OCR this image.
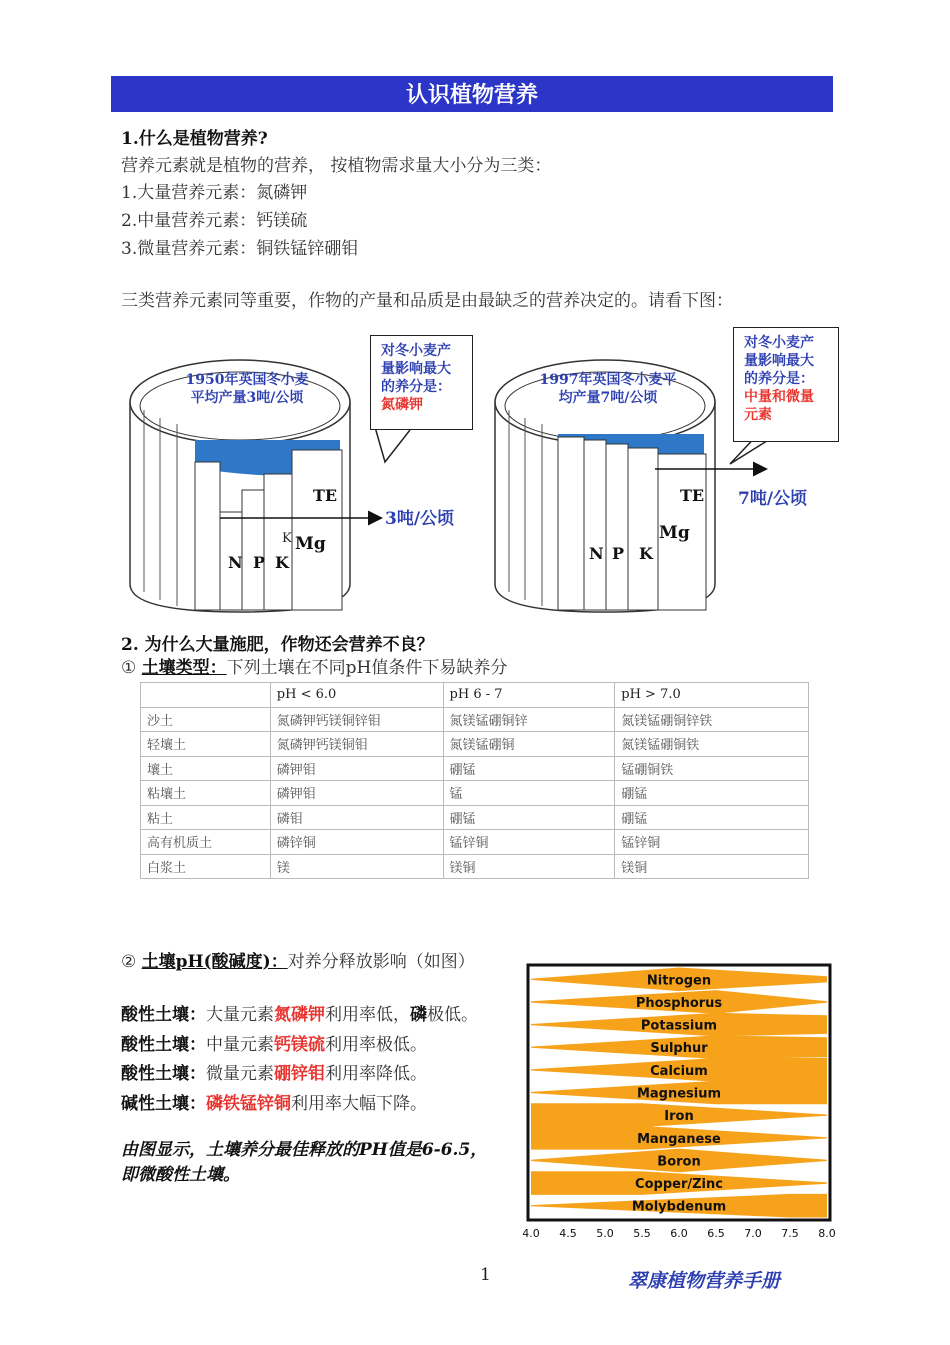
认识植物营养
1.什么是植物营养?
营养元素就是植物的营养， 按植物需求量大小分为三类：
1.大量营养元素：氮磷钾
2.中量营养元素：钙镁硫
3.微量营养元素：铜铁锰锌硼钼
三类营养元素同等重要，作物的产量和品质是由最缺乏的营养决定的。请看下图：
1950年英国冬小麦
平均产量3吨/公顷
1997年英国冬小麦平
均产量7吨/公顷
N P K
K Mg
TE
3吨/公顷
N P K
Mg
TE 7吨/公顷
对冬小麦产
量影响最大
的养分是：
氮磷钾
对冬小麦产
量影响最大
的养分是：
中量和微量
元素
2. 为什么大量施肥，作物还会营养不良？
① 土壤类型：下列土壤在不同pH值条件下易缺养分
	pH < 6.0	pH 6 - 7	pH > 7.0
沙土	氮磷钾钙镁铜锌钼	氮镁锰硼铜锌	氮镁锰硼铜锌铁
轻壤土	氮磷钾钙镁铜钼	氮镁锰硼铜	氮镁锰硼铜铁
壤土	磷钾钼	硼锰	锰硼铜铁
粘壤土	磷钾钼	锰	硼锰
粘土	磷钼	硼锰	硼锰
高有机质土	磷锌铜	锰锌铜	锰锌铜
白浆土	镁	镁铜	镁铜
② 土壤pH(酸碱度)：对养分释放影响（如图）
酸性土壤：大量元素氮磷钾利用率低，磷极低。
酸性土壤：中量元素钙镁硫利用率极低。
酸性土壤：微量元素硼锌钼利用率降低。
碱性土壤：磷铁锰锌铜利用率大幅下降。
由图显示，土壤养分最佳释放的PH值是6-6.5，
即微酸性土壤。
Nitrogen
Phosphorus
Potassium
Sulphur
Calcium
Magnesium
Iron
Manganese
Boron
Copper/Zinc
Molybdenum
4.0 4.5 5.0 5.5 6.0 6.5 7.0 7.5 8.0
1	翠康植物营养手册
